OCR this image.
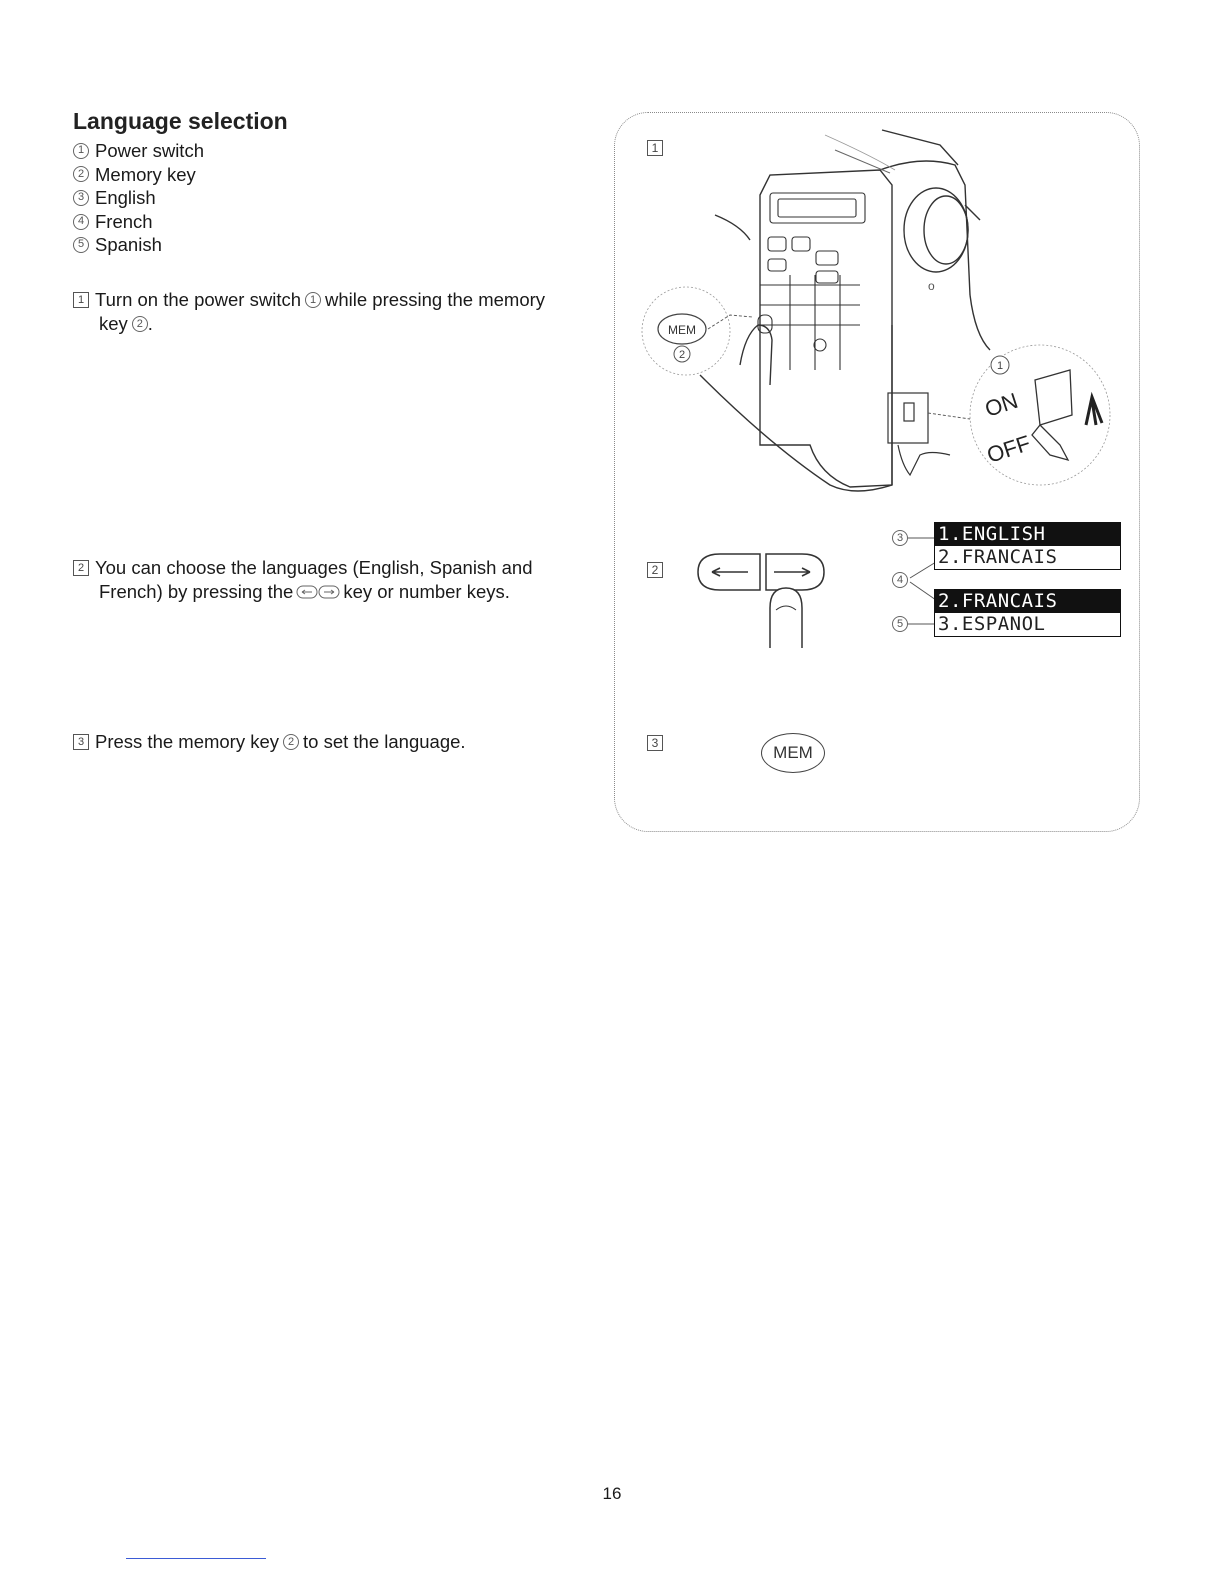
Language selection
1 Power switch
2 Memory key
3 English
4 French
5 Spanish
1 Turn on the power switch 1 while pressing the memory
key 2 .
2 You can choose the languages (English, Spanish and
French) by pressing the	key or number keys.
3 Press the memory key 2 to set the language.
1
2
3
o
MEM
2
1
ON
OFF
3
4
5
1.ENGLISH
2.FRANCAIS
2.FRANCAIS
3.ESPANOL
MEM
16
